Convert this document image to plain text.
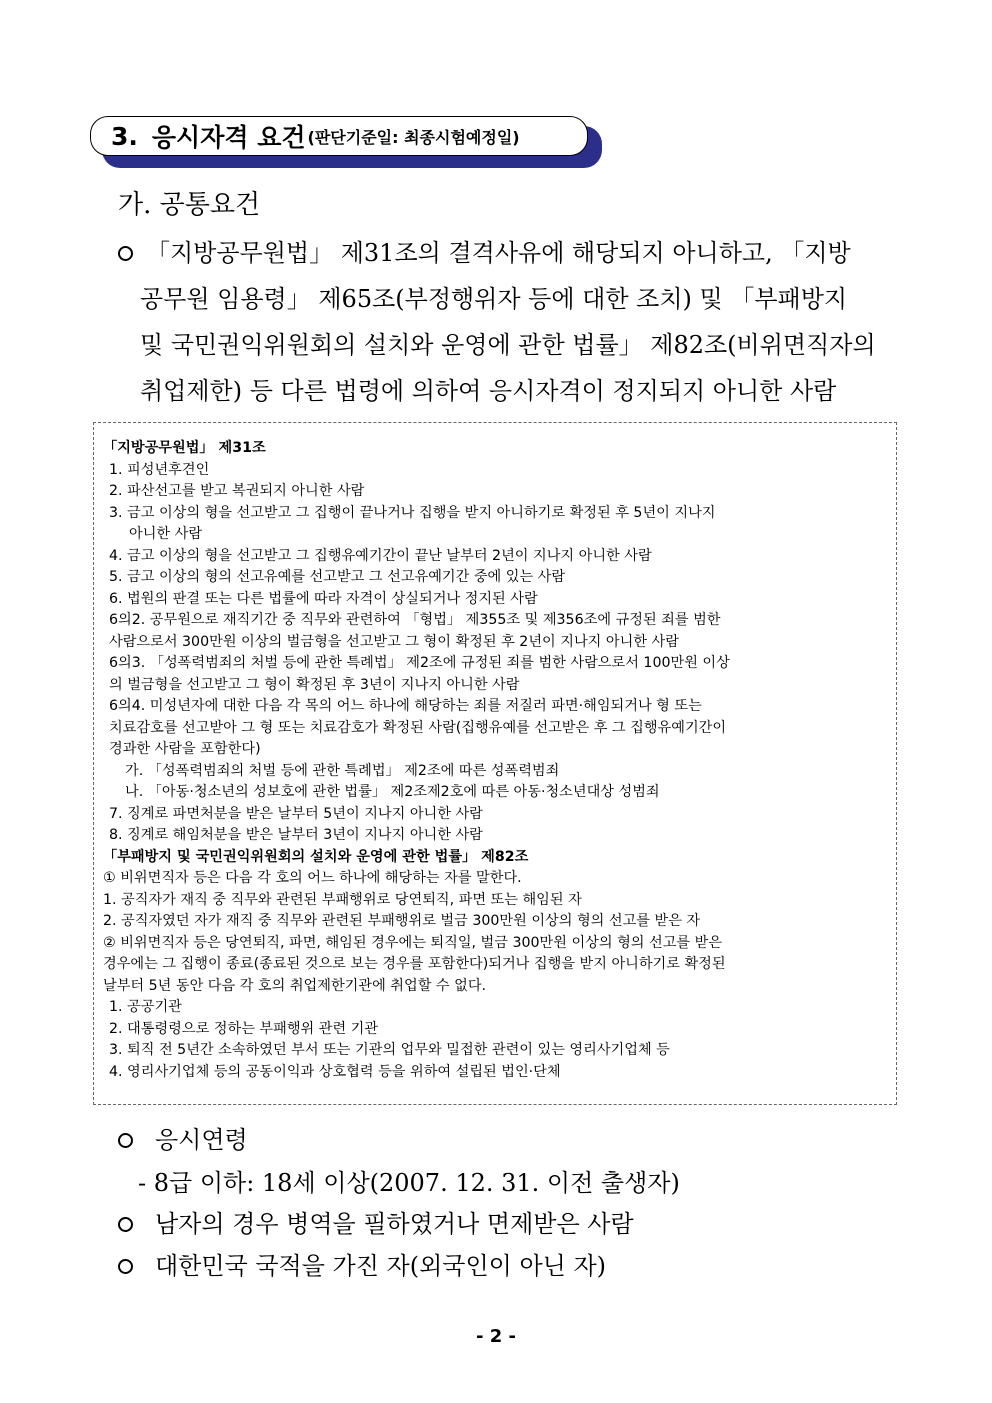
3. 응시자격 요건 (판단기준일: 최종시험예정일)
가. 공통요건
「지방공무원법」 제31조의 결격사유에 해당되지 아니하고, 「지방
공무원 임용령」 제65조(부정행위자 등에 대한 조치) 및 「부패방지
및 국민권익위원회의 설치와 운영에 관한 법률」 제82조(비위면직자의
취업제한) 등 다른 법령에 의하여 응시자격이 정지되지 아니한 사람
「지방공무원법」 제31조
1. 피성년후견인
2. 파산선고를 받고 복권되지 아니한 사람
3. 금고 이상의 형을 선고받고 그 집행이 끝나거나 집행을 받지 아니하기로 확정된 후 5년이 지나지
아니한 사람
4. 금고 이상의 형을 선고받고 그 집행유예기간이 끝난 날부터 2년이 지나지 아니한 사람
5. 금고 이상의 형의 선고유예를 선고받고 그 선고유예기간 중에 있는 사람
6. 법원의 판결 또는 다른 법률에 따라 자격이 상실되거나 정지된 사람
6의2. 공무원으로 재직기간 중 직무와 관련하여 「형법」 제355조 및 제356조에 규정된 죄를 범한
사람으로서 300만원 이상의 벌금형을 선고받고 그 형이 확정된 후 2년이 지나지 아니한 사람
6의3. 「성폭력범죄의 처벌 등에 관한 특례법」 제2조에 규정된 죄를 범한 사람으로서 100만원 이상
의 벌금형을 선고받고 그 형이 확정된 후 3년이 지나지 아니한 사람
6의4. 미성년자에 대한 다음 각 목의 어느 하나에 해당하는 죄를 저질러 파면·해임되거나 형 또는
치료감호를 선고받아 그 형 또는 치료감호가 확정된 사람(집행유예를 선고받은 후 그 집행유예기간이
경과한 사람을 포함한다)
가. 「성폭력범죄의 처벌 등에 관한 특례법」 제2조에 따른 성폭력범죄
나. 「아동·청소년의 성보호에 관한 법률」 제2조제2호에 따른 아동·청소년대상 성범죄
7. 징계로 파면처분을 받은 날부터 5년이 지나지 아니한 사람
8. 징계로 해임처분을 받은 날부터 3년이 지나지 아니한 사람
「부패방지 및 국민권익위원회의 설치와 운영에 관한 법률」 제82조
① 비위면직자 등은 다음 각 호의 어느 하나에 해당하는 자를 말한다.
1. 공직자가 재직 중 직무와 관련된 부패행위로 당연퇴직, 파면 또는 해임된 자
2. 공직자였던 자가 재직 중 직무와 관련된 부패행위로 벌금 300만원 이상의 형의 선고를 받은 자
② 비위면직자 등은 당연퇴직, 파면, 해임된 경우에는 퇴직일, 벌금 300만원 이상의 형의 선고를 받은
경우에는 그 집행이 종료(종료된 것으로 보는 경우를 포함한다)되거나 집행을 받지 아니하기로 확정된
날부터 5년 동안 다음 각 호의 취업제한기관에 취업할 수 없다.
1. 공공기관
2. 대통령령으로 정하는 부패행위 관련 기관
3. 퇴직 전 5년간 소속하였던 부서 또는 기관의 업무와 밀접한 관련이 있는 영리사기업체 등
4. 영리사기업체 등의 공동이익과 상호협력 등을 위하여 설립된 법인·단체
응시연령
- 8급 이하: 18세 이상(2007. 12. 31. 이전 출생자)
남자의 경우 병역을 필하였거나 면제받은 사람
대한민국 국적을 가진 자(외국인이 아닌 자)
- 2 -
